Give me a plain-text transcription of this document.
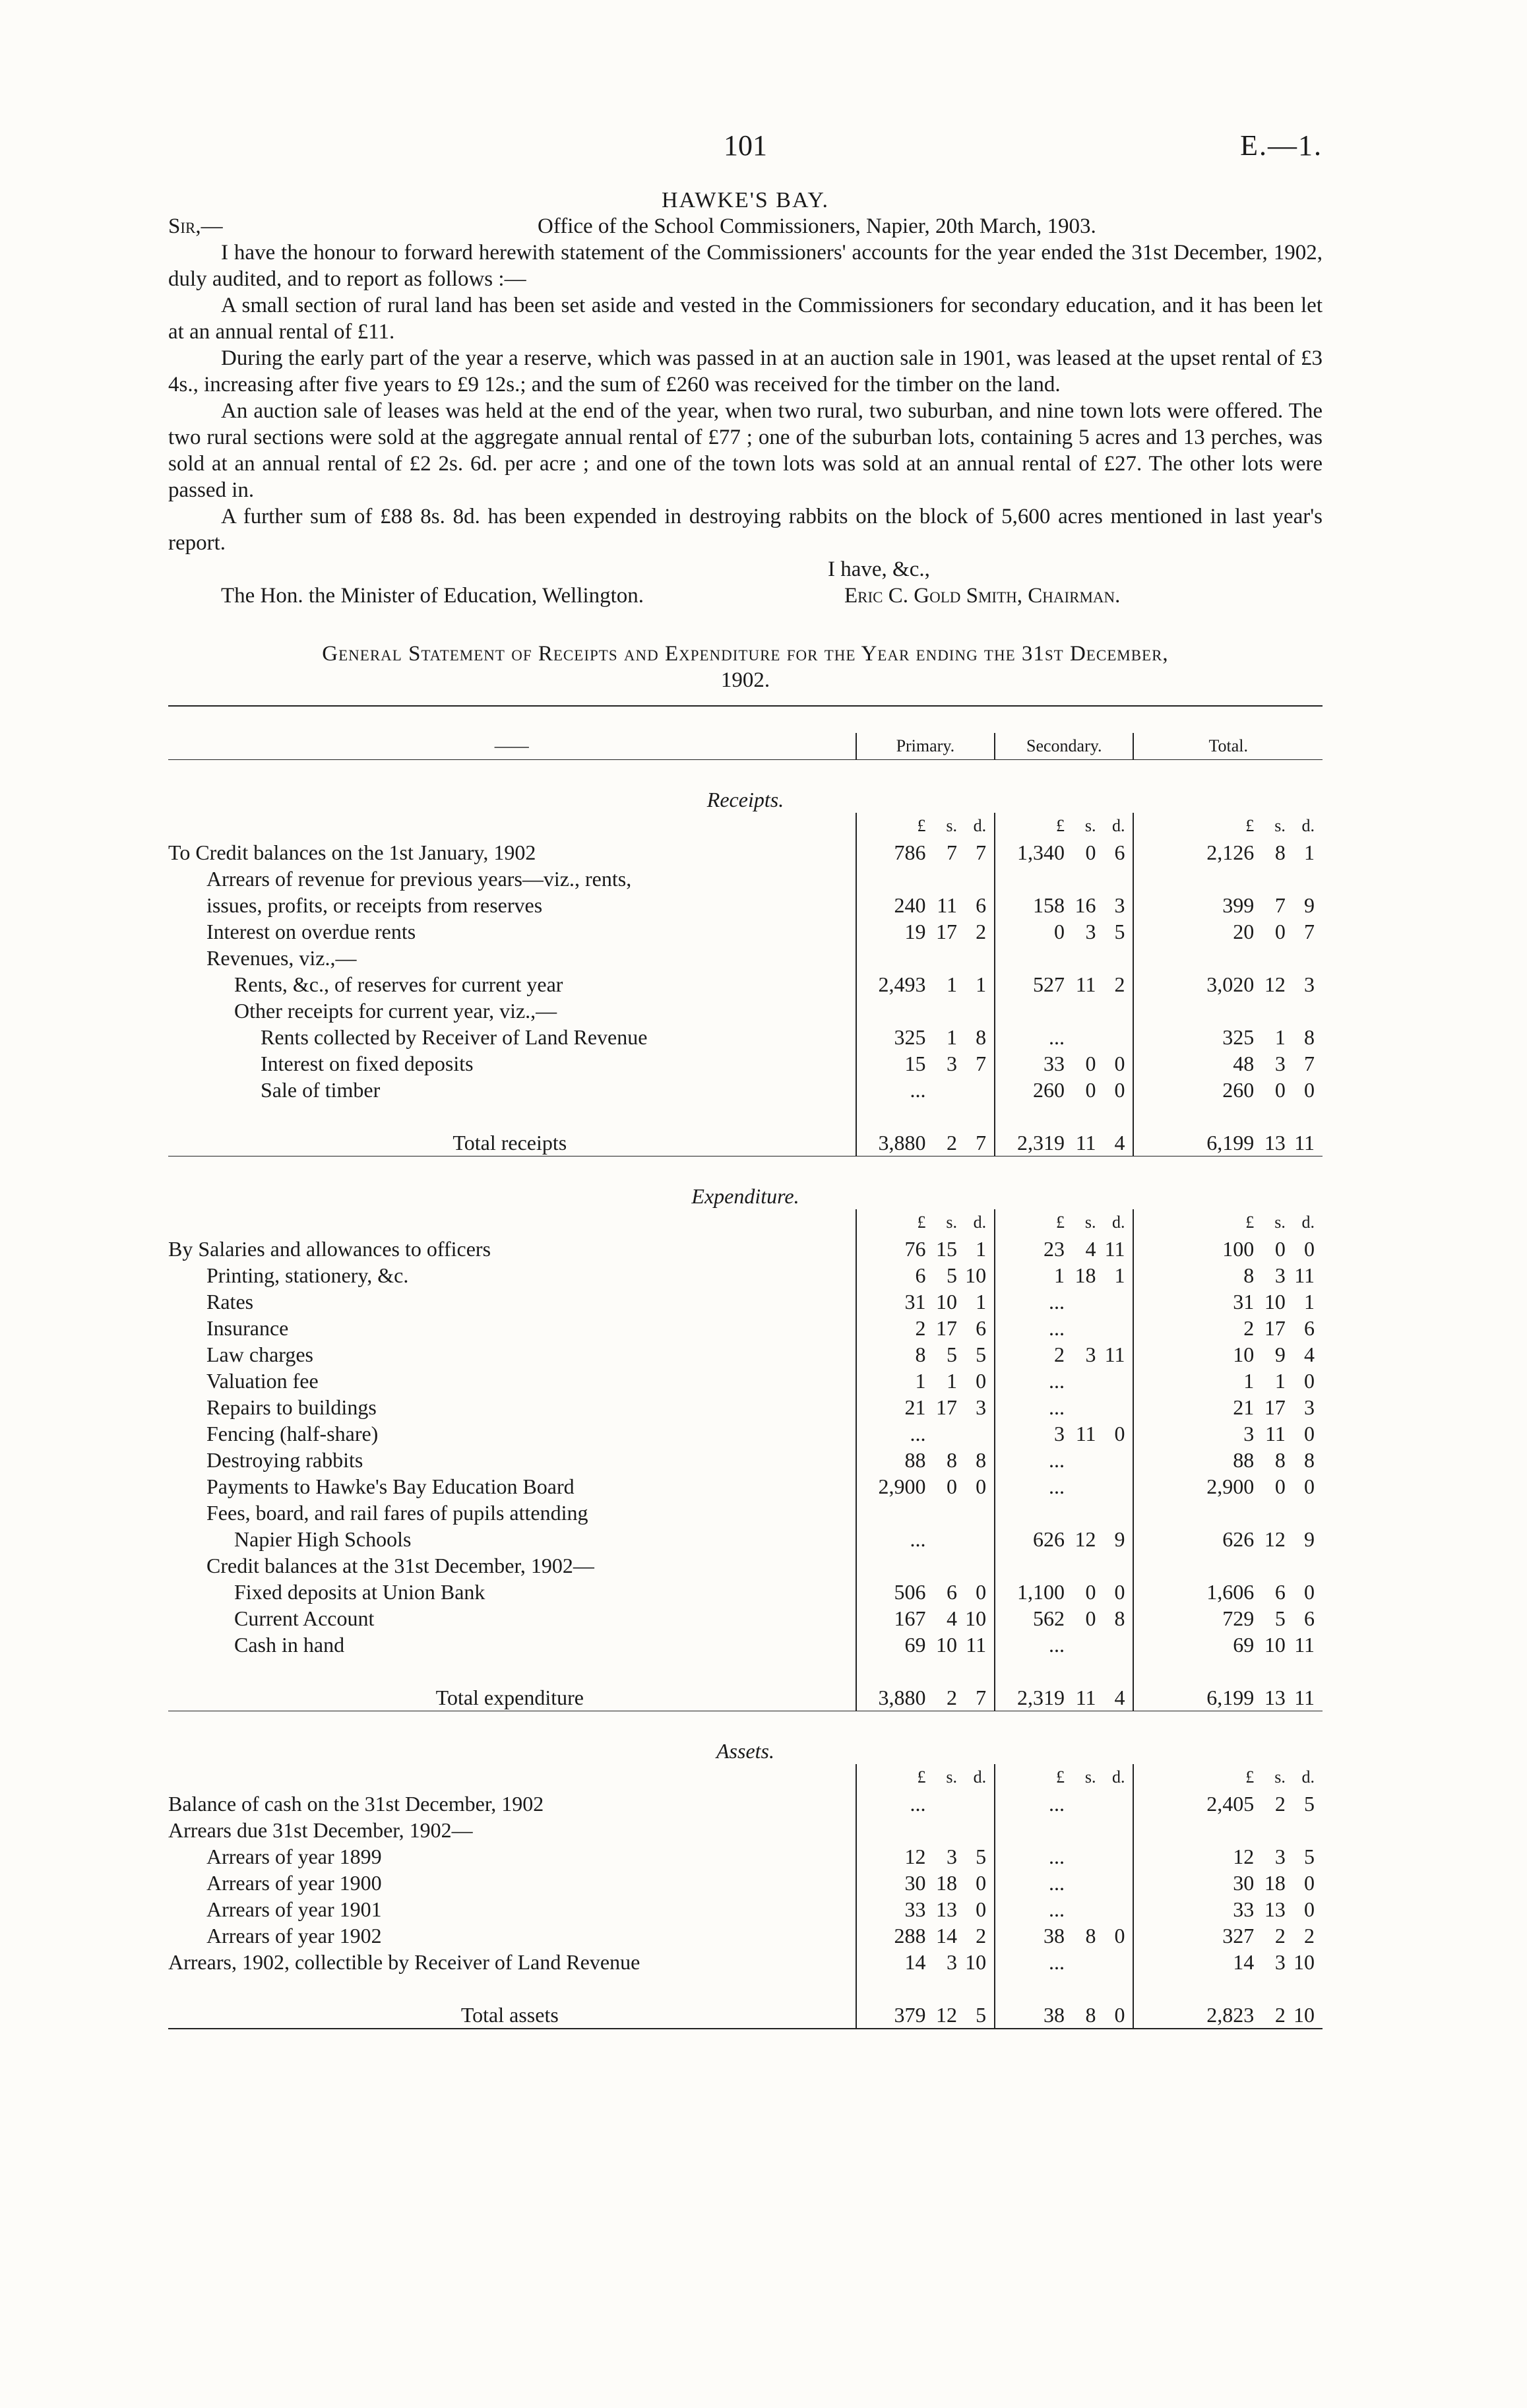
101	E.—1.
HAWKE'S BAY.
Sir,—	Office of the School Commissioners, Napier, 20th March, 1903.

I have the honour to forward herewith statement of the Commissioners' accounts for the year ended the 31st December, 1902, duly audited, and to report as follows :—

A small section of rural land has been set aside and vested in the Commissioners for secondary education, and it has been let at an annual rental of £11.

During the early part of the year a reserve, which was passed in at an auction sale in 1901, was leased at the upset rental of £3 4s., increasing after five years to £9 12s.; and the sum of £260 was received for the timber on the land.

An auction sale of leases was held at the end of the year, when two rural, two suburban, and nine town lots were offered. The two rural sections were sold at the aggregate annual rental of £77 ; one of the suburban lots, containing 5 acres and 13 perches, was sold at an annual rental of £2 2s. 6d. per acre ; and one of the town lots was sold at an annual rental of £27. The other lots were passed in.

A further sum of £88 8s. 8d. has been expended in destroying rabbits on the block of 5,600 acres mentioned in last year's report.

I have, &c.,
The Hon. the Minister of Education, Wellington.	Eric C. Gold Smith, Chairman.
General Statement of Receipts and Expenditure for the Year ending the 31st December,
1902.

——	Primary.			Secondary.			Total.		

Receipts.									
	£	s.	d.	£	s.	d.	£	s.	d.
To Credit balances on the 1st January, 1902	786	7	7	1,340	0	6	2,126	8	1
Arrears of revenue for previous years—viz., rents,									
issues, profits, or receipts from reserves	240	11	6	158	16	3	399	7	9
Interest on overdue rents	19	17	2	0	3	5	20	0	7
Revenues, viz.,—									
Rents, &c., of reserves for current year	2,493	1	1	527	11	2	3,020	12	3
Other receipts for current year, viz.,—									
Rents collected by Receiver of Land Revenue	325	1	8	...			325	1	8
Interest on fixed deposits	15	3	7	33	0	0	48	3	7
Sale of timber	...			260	0	0	260	0	0

Total receipts	3,880	2	7	2,319	11	4	6,199	13	11

Expenditure.									
	£	s.	d.	£	s.	d.	£	s.	d.
By Salaries and allowances to officers	76	15	1	23	4	11	100	0	0
Printing, stationery, &c.	6	5	10	1	18	1	8	3	11
Rates	31	10	1	...			31	10	1
Insurance	2	17	6	...			2	17	6
Law charges	8	5	5	2	3	11	10	9	4
Valuation fee	1	1	0	...			1	1	0
Repairs to buildings	21	17	3	...			21	17	3
Fencing (half-share)	...			3	11	0	3	11	0
Destroying rabbits	88	8	8	...			88	8	8
Payments to Hawke's Bay Education Board	2,900	0	0	...			2,900	0	0
Fees, board, and rail fares of pupils attending									
Napier High Schools	...			626	12	9	626	12	9
Credit balances at the 31st December, 1902—									
Fixed deposits at Union Bank	506	6	0	1,100	0	0	1,606	6	0
Current Account	167	4	10	562	0	8	729	5	6
Cash in hand	69	10	11	...			69	10	11

Total expenditure	3,880	2	7	2,319	11	4	6,199	13	11

Assets.									
	£	s.	d.	£	s.	d.	£	s.	d.
Balance of cash on the 31st December, 1902	...			...			2,405	2	5
Arrears due 31st December, 1902—									
Arrears of year 1899	12	3	5	...			12	3	5
Arrears of year 1900	30	18	0	...			30	18	0
Arrears of year 1901	33	13	0	...			33	13	0
Arrears of year 1902	288	14	2	38	8	0	327	2	2
Arrears, 1902, collectible by Receiver of Land Revenue	14	3	10	...			14	3	10

Total assets	379	12	5	38	8	0	2,823	2	10
